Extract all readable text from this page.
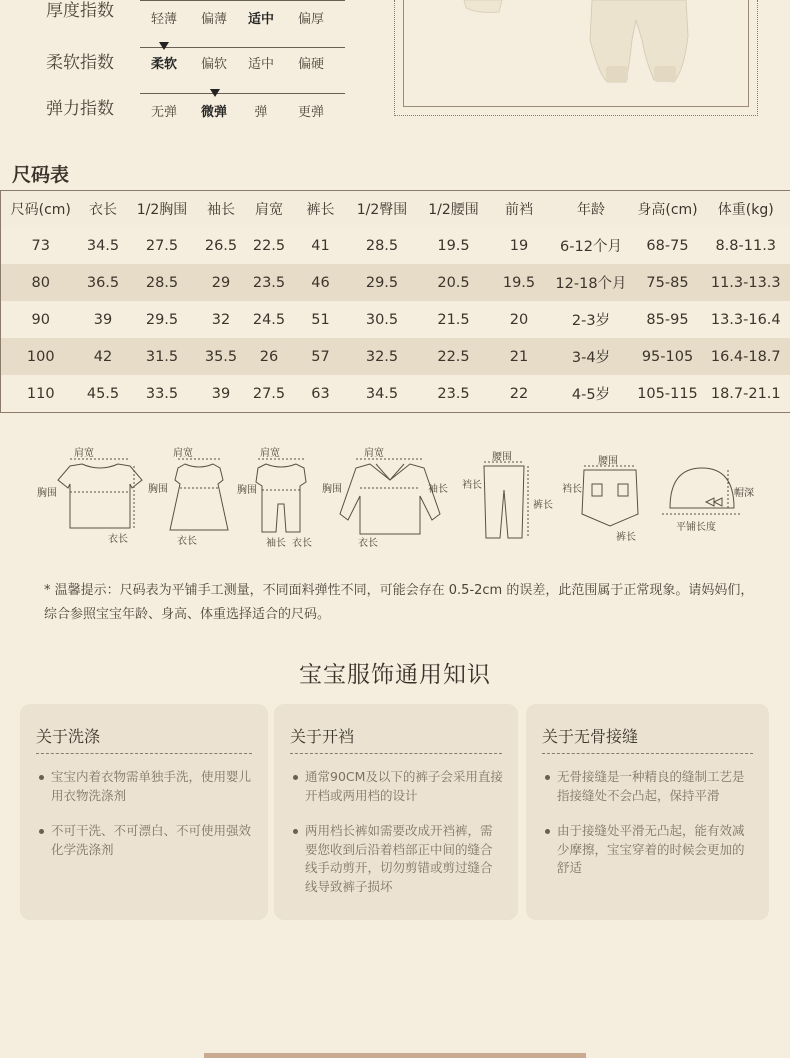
厚度指数	轻薄	偏薄	适中	偏厚
柔软指数	柔软	偏软	适中	偏硬
弹力指数	无弹	微弹	弹	更弹
尺码表
尺码(cm)	衣长	1/2胸围	袖长	肩宽	裤长	1/2臀围	1/2腰围	前裆	年龄	身高(cm)	体重(kg)
73	34.5	27.5	26.5	22.5	41	28.5	19.5	19	6-12个月	68-75	8.8-11.3
80	36.5	28.5	29	23.5	46	29.5	20.5	19.5	12-18个月	75-85	11.3-13.3
90	39	29.5	32	24.5	51	30.5	21.5	20	2-3岁	85-95	13.3-16.4
100	42	31.5	35.5	26	57	32.5	22.5	21	3-4岁	95-105	16.4-18.7
110	45.5	33.5	39	27.5	63	34.5	23.5	22	4-5岁	105-115	18.7-21.1
肩宽
胸围
衣长
肩宽
胸围
衣长
肩宽
胸围
袖长 衣长
肩宽
胸围	袖长
衣长
腰围
裆长
裤长
腰围
裆长
裤长
帽深
平铺长度
* 温馨提示：尺码表为平铺手工测量，不同面料弹性不同，可能会存在 0.5-2cm 的误差，此范围属于正常现象。请妈妈们，综合参照宝宝年龄、身高、体重选择适合的尺码。
宝宝服饰通用知识
关于洗涤
宝宝内着衣物需单独手洗，使用婴儿用衣物洗涤剂
不可干洗、不可漂白、不可使用强效化学洗涤剂
关于开裆
通常90CM及以下的裤子会采用直接开档或两用档的设计
两用档长裤如需要改成开裆裤，需要您收到后沿着档部正中间的缝合线手动剪开，切勿剪错或剪过缝合线导致裤子损坏
关于无骨接缝
无骨接缝是一种精良的缝制工艺是指接缝处不会凸起，保持平滑
由于接缝处平滑无凸起，能有效减少摩擦，宝宝穿着的时候会更加的舒适
